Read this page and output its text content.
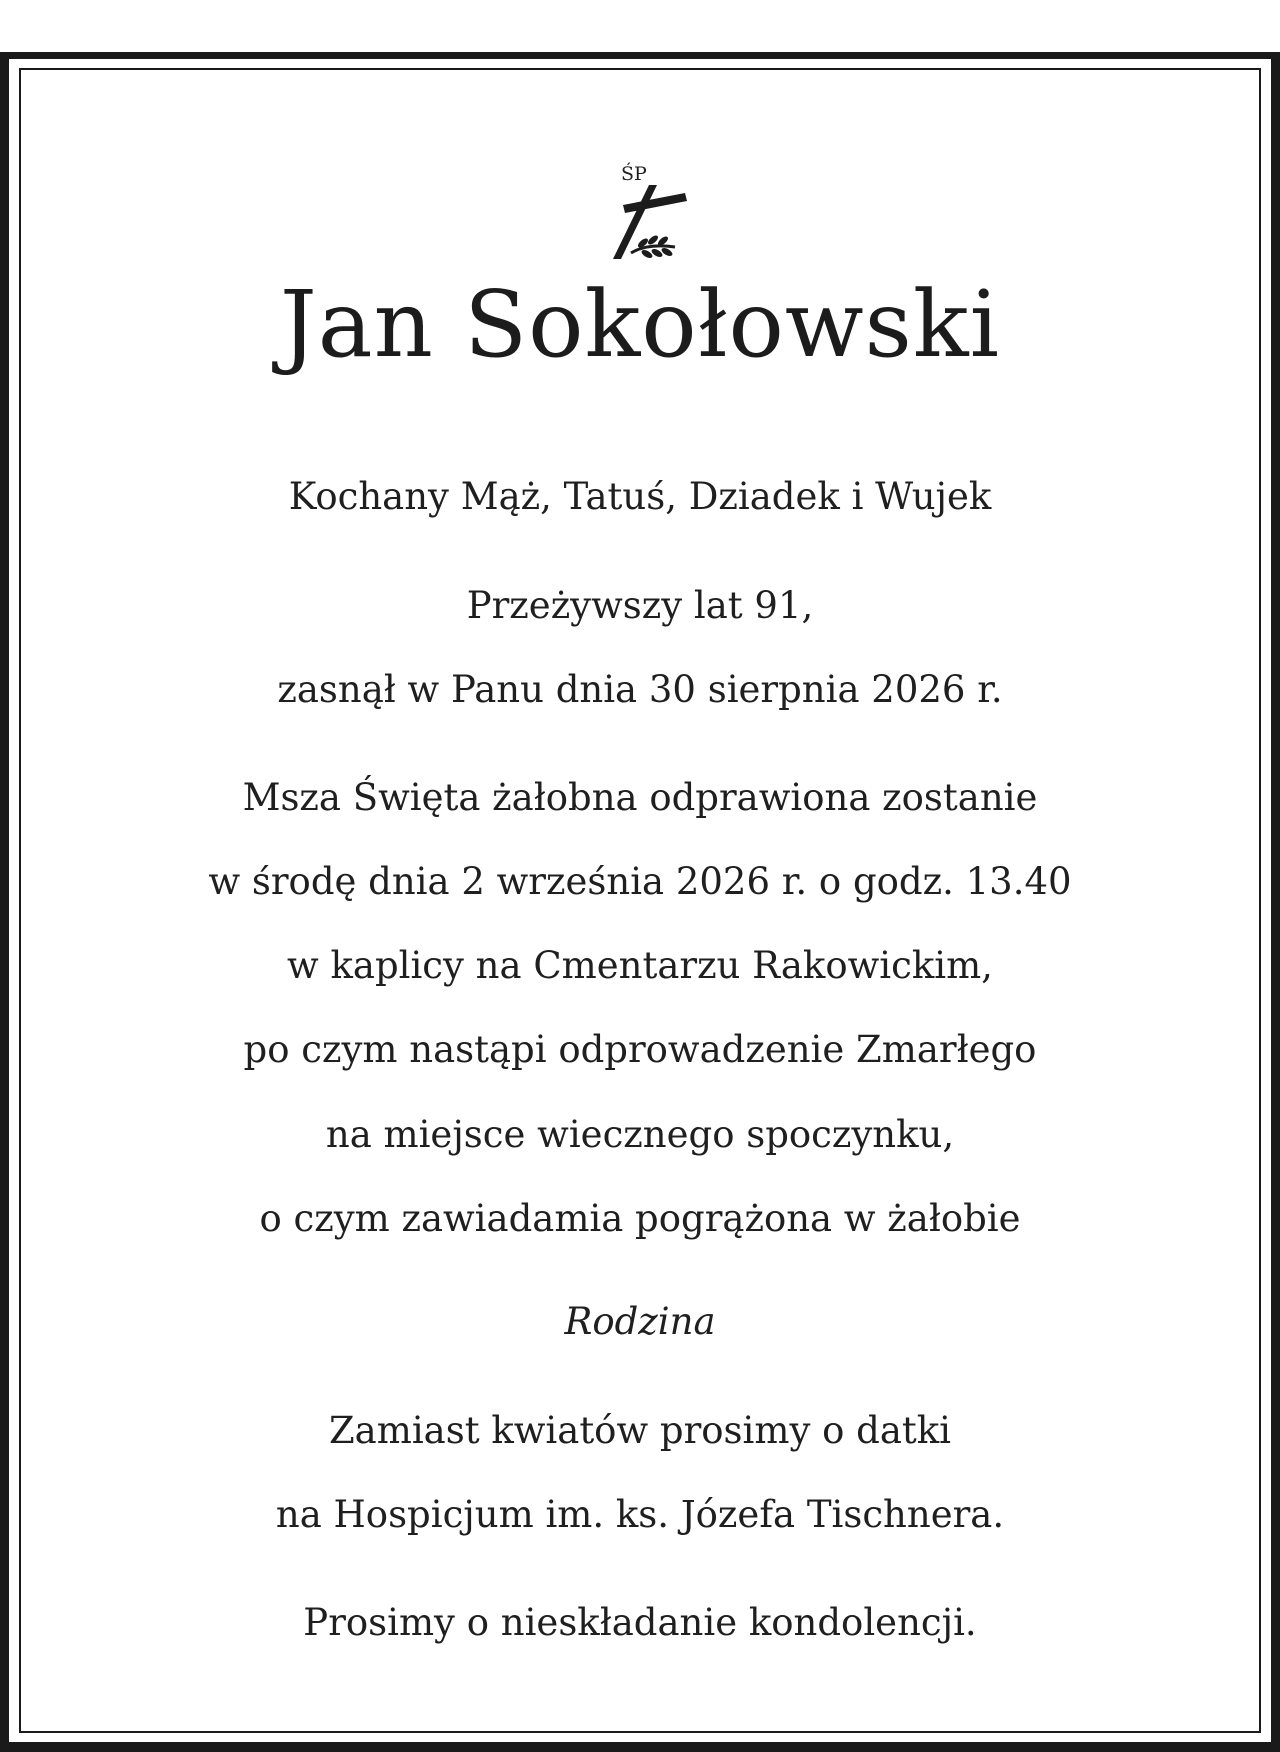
ŚP
Jan Sokołowski
Kochany Mąż, Tatuś, Dziadek i Wujek
Przeżywszy lat 91,
zasnął w Panu dnia 30 sierpnia 2026 r.
Msza Święta żałobna odprawiona zostanie
w środę dnia 2 września 2026 r. o godz. 13.40
w kaplicy na Cmentarzu Rakowickim,
po czym nastąpi odprowadzenie Zmarłego
na miejsce wiecznego spoczynku,
o czym zawiadamia pogrążona w żałobie
Rodzina
Zamiast kwiatów prosimy o datki
na Hospicjum im. ks. Józefa Tischnera.
Prosimy o nieskładanie kondolencji.
